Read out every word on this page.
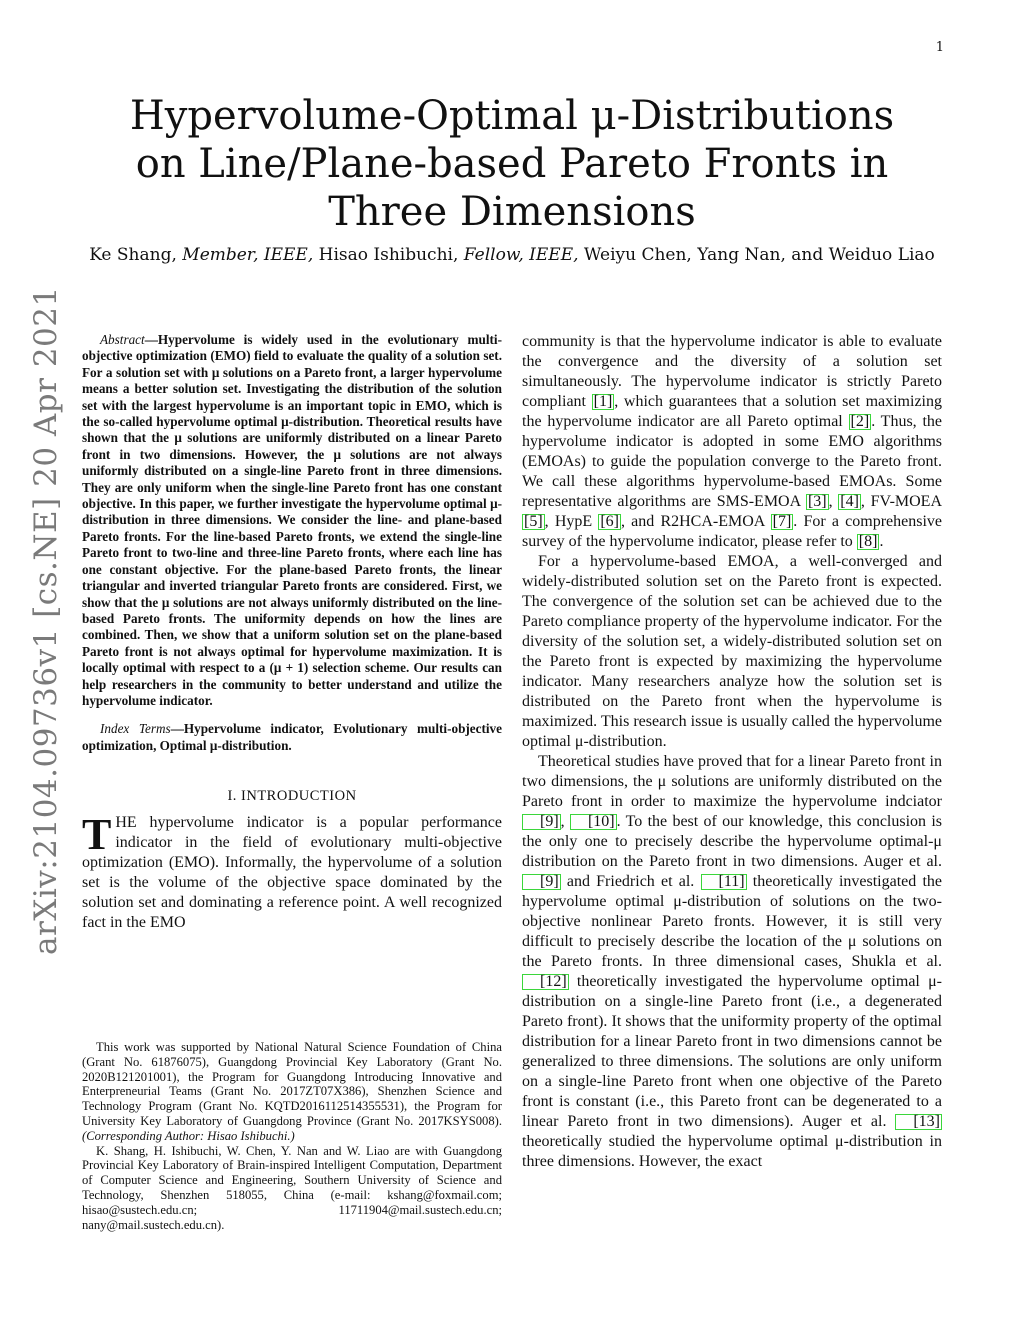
1
arXiv:2104.09736v1 [cs.NE] 20 Apr 2021
Hypervolume-Optimal μ-Distributions on Line/Plane-based Pareto Fronts in Three Dimensions
Ke Shang, Member, IEEE, Hisao Ishibuchi, Fellow, IEEE, Weiyu Chen, Yang Nan, and Weiduo Liao

Abstract—Hypervolume is widely used in the evolutionary multi-objective optimization (EMO) field to evaluate the quality of a solution set. For a solution set with μ solutions on a Pareto front, a larger hypervolume means a better solution set. Investigating the distribution of the solution set with the largest hypervolume is an important topic in EMO, which is the so-called hypervolume optimal μ-distribution. Theoretical results have shown that the μ solutions are uniformly distributed on a linear Pareto front in two dimensions. However, the μ solutions are not always uniformly distributed on a single-line Pareto front in three dimensions. They are only uniform when the single-line Pareto front has one constant objective. In this paper, we further investigate the hypervolume optimal μ-distribution in three dimensions. We consider the line- and plane-based Pareto fronts. For the line-based Pareto fronts, we extend the single-line Pareto front to two-line and three-line Pareto fronts, where each line has one constant objective. For the plane-based Pareto fronts, the linear triangular and inverted triangular Pareto fronts are considered. First, we show that the μ solutions are not always uniformly distributed on the line-based Pareto fronts. The uniformity depends on how the lines are combined. Then, we show that a uniform solution set on the plane-based Pareto front is not always optimal for hypervolume maximization. It is locally optimal with respect to a (μ + 1) selection scheme. Our results can help researchers in the community to better understand and utilize the hypervolume indicator.

Index Terms—Hypervolume indicator, Evolutionary multi-objective optimization, Optimal μ-distribution.

I. INTRODUCTION

THE hypervolume indicator is a popular performance indicator in the field of evolutionary multi-objective optimization (EMO). Informally, the hypervolume of a solution set is the volume of the objective space dominated by the solution set and dominating a reference point. A well recognized fact in the EMO

This work was supported by National Natural Science Foundation of China (Grant No. 61876075), Guangdong Provincial Key Laboratory (Grant No. 2020B121201001), the Program for Guangdong Introducing Innovative and Enterpreneurial Teams (Grant No. 2017ZT07X386), Shenzhen Science and Technology Program (Grant No. KQTD2016112514355531), the Program for University Key Laboratory of Guangdong Province (Grant No. 2017KSYS008). (Corresponding Author: Hisao Ishibuchi.)

K. Shang, H. Ishibuchi, W. Chen, Y. Nan and W. Liao are with Guangdong Provincial Key Laboratory of Brain-inspired Intelligent Computation, Department of Computer Science and Engineering, Southern University of Science and Technology, Shenzhen 518055, China (e-mail: kshang@foxmail.com; hisao@sustech.edu.cn; 11711904@mail.sustech.edu.cn; nany@mail.sustech.edu.cn).

community is that the hypervolume indicator is able to evaluate the convergence and the diversity of a solution set simultaneously. The hypervolume indicator is strictly Pareto compliant [1] , which guarantees that a solution set maximizing the hypervolume indicator are all Pareto optimal [2] . Thus, the hypervolume indicator is adopted in some EMO algorithms (EMOAs) to guide the population converge to the Pareto front. We call these algorithms hypervolume-based EMOAs. Some representative algorithms are SMS-EMOA [3] , [4] , FV-MOEA [5] , HypE [6] , and R2HCA-EMOA [7] . For a comprehensive survey of the hypervolume indicator, please refer to [8] .

For a hypervolume-based EMOA, a well-converged and widely-distributed solution set on the Pareto front is expected. The convergence of the solution set can be achieved due to the Pareto compliance property of the hypervolume indicator. For the diversity of the solution set, a widely-distributed solution set on the Pareto front is expected by maximizing the hypervolume indicator. Many researchers analyze how the solution set is distributed on the Pareto front when the hypervolume is maximized. This research issue is usually called the hypervolume optimal μ-distribution.

Theoretical studies have proved that for a linear Pareto front in two dimensions, the μ solutions are uniformly distributed on the Pareto front in order to maximize the hypervolume indciator [9] , [10] . To the best of our knowledge, this conclusion is the only one to precisely describe the hypervolume optimal-μ distribution on the Pareto front in two dimensions. Auger et al. [9] and Friedrich et al. [11] theoretically investigated the hypervolume optimal μ-distribution of solutions on the two-objective nonlinear Pareto fronts. However, it is still very difficult to precisely describe the location of the μ solutions on the Pareto fronts. In three dimensional cases, Shukla et al. [12] theoretically investigated the hypervolume optimal μ-distribution on a single-line Pareto front (i.e., a degenerated Pareto front). It shows that the uniformity property of the optimal distribution for a linear Pareto front in two dimensions cannot be generalized to three dimensions. The solutions are only uniform on a single-line Pareto front when one objective of the Pareto front is constant (i.e., this Pareto front can be degenerated to a linear Pareto front in two dimensions). Auger et al. [13] theoretically studied the hypervolume optimal μ-distribution in three dimensions. However, the exact
